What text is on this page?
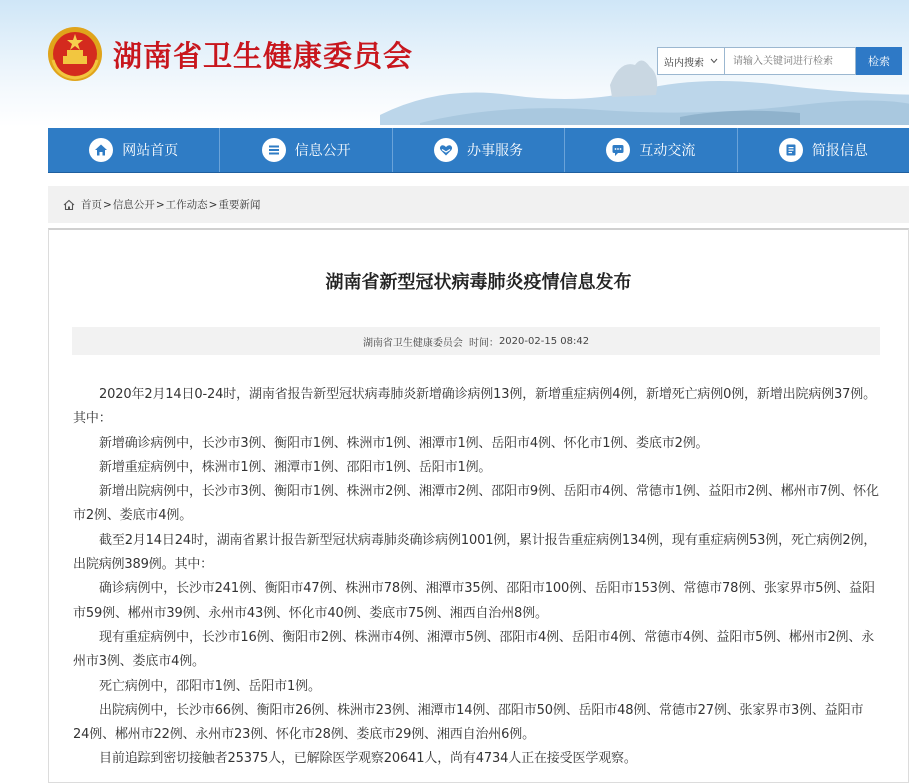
湖南省卫生健康委员会	站内搜索
请输入关键词进行检索	检索
网站首页	信息公开	办事服务	互动交流	简报信息
首页 > 信息公开 > 工作动态 > 重要新闻
湖南省新型冠状病毒肺炎疫情信息发布
湖南省卫生健康委员会 时间： 2020-02-15 08:42

2020年2月14日0-24时，湖南省报告新型冠状病毒肺炎新增确诊病例13例，新增重症病例4例，新增死亡病例0例，新增出院病例37例。其中：

新增确诊病例中，长沙市3例、衡阳市1例、株洲市1例、湘潭市1例、岳阳市4例、怀化市1例、娄底市2例。

新增重症病例中，株洲市1例、湘潭市1例、邵阳市1例、岳阳市1例。

新增出院病例中，长沙市3例、衡阳市1例、株洲市2例、湘潭市2例、邵阳市9例、岳阳市4例、常德市1例、益阳市2例、郴州市7例、怀化市2例、娄底市4例。

截至2月14日24时，湖南省累计报告新型冠状病毒肺炎确诊病例1001例，累计报告重症病例134例，现有重症病例53例，死亡病例2例，出院病例389例。其中：

确诊病例中，长沙市241例、衡阳市47例、株洲市78例、湘潭市35例、邵阳市100例、岳阳市153例、常德市78例、张家界市5例、益阳市59例、郴州市39例、永州市43例、怀化市40例、娄底市75例、湘西自治州8例。

现有重症病例中，长沙市16例、衡阳市2例、株洲市4例、湘潭市5例、邵阳市4例、岳阳市4例、常德市4例、益阳市5例、郴州市2例、永州市3例、娄底市4例。

死亡病例中，邵阳市1例、岳阳市1例。

出院病例中，长沙市66例、衡阳市26例、株洲市23例、湘潭市14例、邵阳市50例、岳阳市48例、常德市27例、张家界市3例、益阳市24例、郴州市22例、永州市23例、怀化市28例、娄底市29例、湘西自治州6例。

目前追踪到密切接触者25375人，已解除医学观察20641人，尚有4734人正在接受医学观察。
